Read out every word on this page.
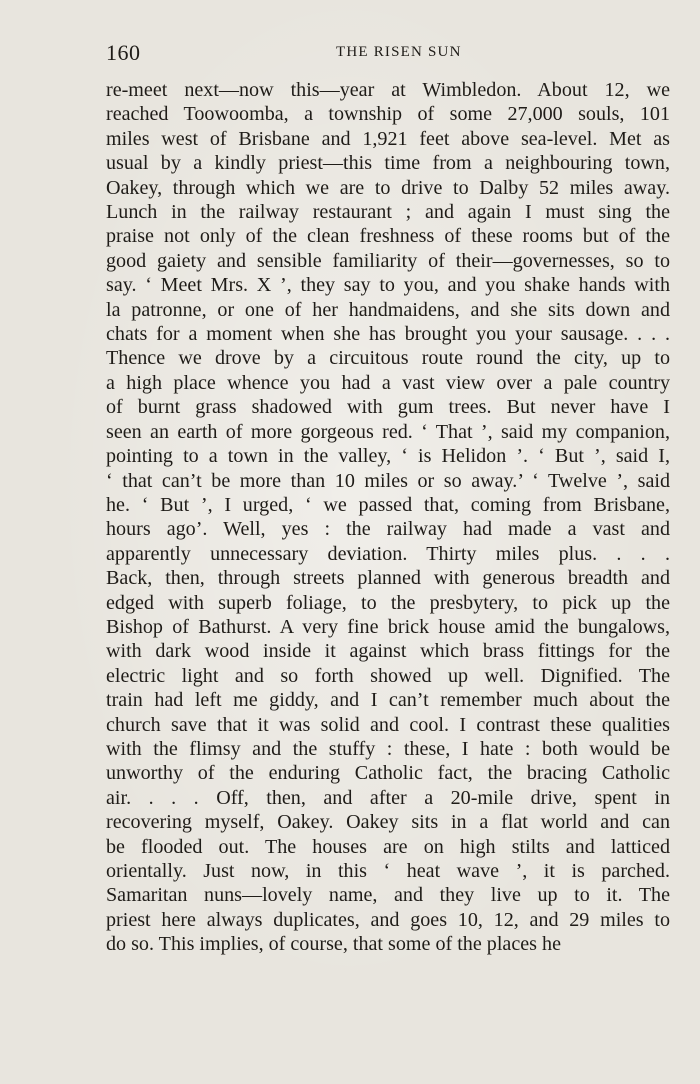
160	THE RISEN SUN
re-meet next—now this—year at Wimbledon. About 12, we
reached Toowoomba, a township of some 27,000 souls, 101
miles west of Brisbane and 1,921 feet above sea-level. Met as
usual by a kindly priest—this time from a neighbouring town,
Oakey, through which we are to drive to Dalby 52 miles away.
Lunch in the railway restaurant ; and again I must sing the
praise not only of the clean freshness of these rooms but of the
good gaiety and sensible familiarity of their—governesses, so to
say. ‘ Meet Mrs. X ’, they say to you, and you shake hands with
la patronne, or one of her handmaidens, and she sits down and
chats for a moment when she has brought you your sausage. . . .
Thence we drove by a circuitous route round the city, up to
a high place whence you had a vast view over a pale country
of burnt grass shadowed with gum trees. But never have I
seen an earth of more gorgeous red. ‘ That ’, said my companion,
pointing to a town in the valley, ‘ is Helidon ’. ‘ But ’, said I,
‘ that can’t be more than 10 miles or so away.’ ‘ Twelve ’, said
he. ‘ But ’, I urged, ‘ we passed that, coming from Brisbane,
hours ago’. Well, yes : the railway had made a vast and
apparently unnecessary deviation. Thirty miles plus. . . .
Back, then, through streets planned with generous breadth and
edged with superb foliage, to the presbytery, to pick up the
Bishop of Bathurst. A very fine brick house amid the bungalows,
with dark wood inside it against which brass fittings for the
electric light and so forth showed up well. Dignified. The
train had left me giddy, and I can’t remember much about the
church save that it was solid and cool. I contrast these qualities
with the flimsy and the stuffy : these, I hate : both would be
unworthy of the enduring Catholic fact, the bracing Catholic
air. . . . Off, then, and after a 20-mile drive, spent in
recovering myself, Oakey. Oakey sits in a flat world and can
be flooded out. The houses are on high stilts and latticed
orientally. Just now, in this ‘ heat wave ’, it is parched.
Samaritan nuns—lovely name, and they live up to it. The
priest here always duplicates, and goes 10, 12, and 29 miles to
do so. This implies, of course, that some of the places he
